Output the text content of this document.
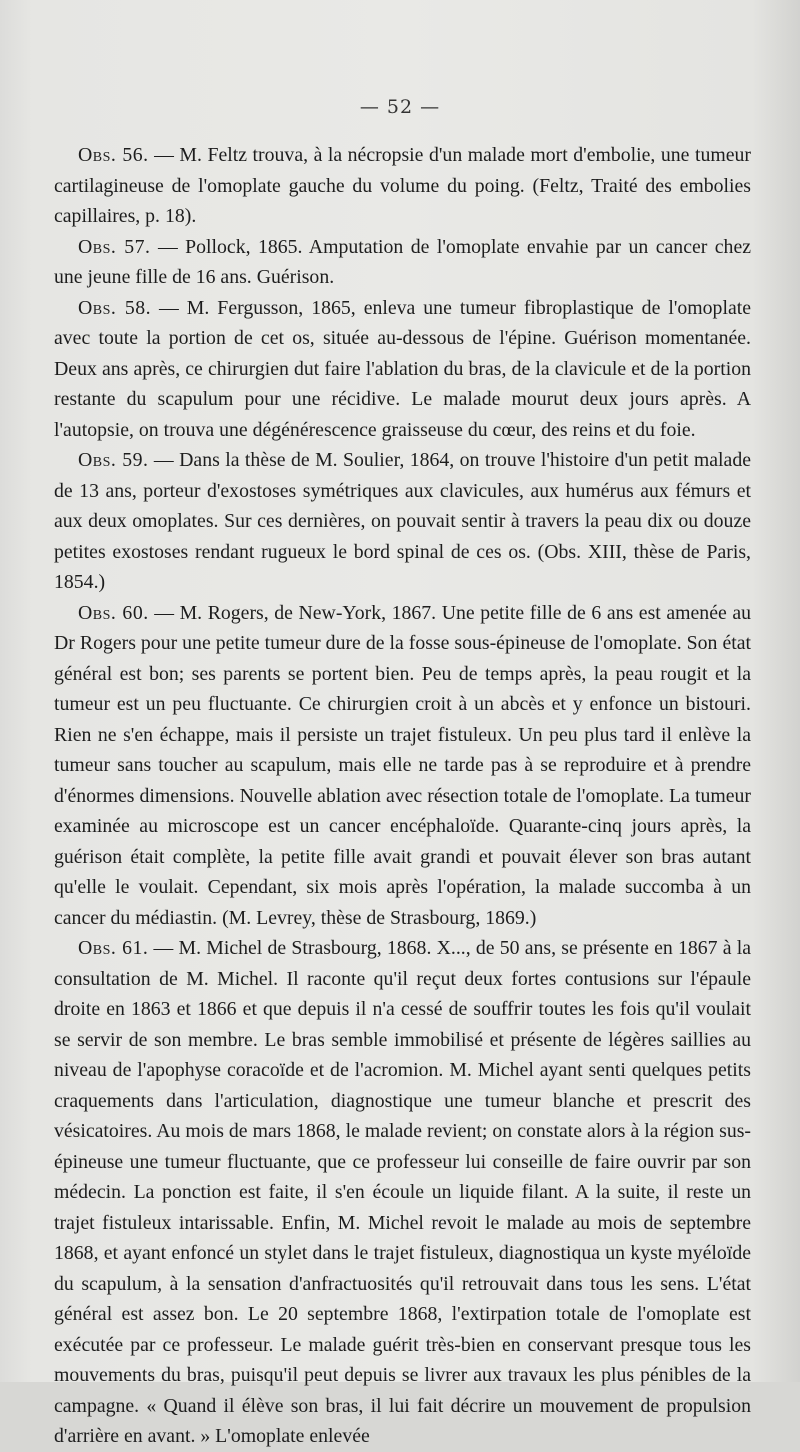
— 52 —

Obs. 56. — M. Feltz trouva, à la nécropsie d'un malade mort d'embolie, une tumeur cartilagineuse de l'omoplate gauche du volume du poing. (Feltz, Traité des embolies capillaires, p. 18).

Obs. 57. — Pollock, 1865. Amputation de l'omoplate envahie par un cancer chez une jeune fille de 16 ans. Guérison.

Obs. 58. — M. Fergusson, 1865, enleva une tumeur fibroplastique de l'omoplate avec toute la portion de cet os, située au-dessous de l'épine. Guérison momentanée. Deux ans après, ce chirurgien dut faire l'ablation du bras, de la clavicule et de la portion restante du scapulum pour une récidive. Le malade mourut deux jours après. A l'autopsie, on trouva une dégénérescence graisseuse du cœur, des reins et du foie.

Obs. 59. — Dans la thèse de M. Soulier, 1864, on trouve l'histoire d'un petit malade de 13 ans, porteur d'exostoses symétriques aux clavicules, aux humérus aux fémurs et aux deux omoplates. Sur ces dernières, on pouvait sentir à travers la peau dix ou douze petites exostoses rendant rugueux le bord spinal de ces os. (Obs. XIII, thèse de Paris, 1854.)

Obs. 60. — M. Rogers, de New-York, 1867. Une petite fille de 6 ans est amenée au Dr Rogers pour une petite tumeur dure de la fosse sous-épineuse de l'omoplate. Son état général est bon; ses parents se portent bien. Peu de temps après, la peau rougit et la tumeur est un peu fluctuante. Ce chirurgien croit à un abcès et y enfonce un bistouri. Rien ne s'en échappe, mais il persiste un trajet fistuleux. Un peu plus tard il enlève la tumeur sans toucher au scapulum, mais elle ne tarde pas à se reproduire et à prendre d'énormes dimensions. Nouvelle ablation avec résection totale de l'omoplate. La tumeur examinée au microscope est un cancer encéphaloïde. Quarante-cinq jours après, la guérison était complète, la petite fille avait grandi et pouvait élever son bras autant qu'elle le voulait. Cependant, six mois après l'opération, la malade succomba à un cancer du médiastin. (M. Levrey, thèse de Strasbourg, 1869.)

Obs. 61. — M. Michel de Strasbourg, 1868. X..., de 50 ans, se présente en 1867 à la consultation de M. Michel. Il raconte qu'il reçut deux fortes contusions sur l'épaule droite en 1863 et 1866 et que depuis il n'a cessé de souffrir toutes les fois qu'il voulait se servir de son membre. Le bras semble immobilisé et présente de légères saillies au niveau de l'apophyse coracoïde et de l'acromion. M. Michel ayant senti quelques petits craquements dans l'articulation, diagnostique une tumeur blanche et prescrit des vésicatoires. Au mois de mars 1868, le malade revient; on constate alors à la région sus-épineuse une tumeur fluctuante, que ce professeur lui conseille de faire ouvrir par son médecin. La ponction est faite, il s'en écoule un liquide filant. A la suite, il reste un trajet fistuleux intarissable. Enfin, M. Michel revoit le malade au mois de septembre 1868, et ayant enfoncé un stylet dans le trajet fistuleux, diagnostiqua un kyste myéloïde du scapulum, à la sensation d'anfractuosités qu'il retrouvait dans tous les sens. L'état général est assez bon. Le 20 septembre 1868, l'extirpation totale de l'omoplate est exécutée par ce professeur. Le malade guérit très-bien en conservant presque tous les mouvements du bras, puisqu'il peut depuis se livrer aux travaux les plus pénibles de la campagne. « Quand il élève son bras, il lui fait décrire un mouvement de propulsion d'arrière en avant. » L'omoplate enlevée
